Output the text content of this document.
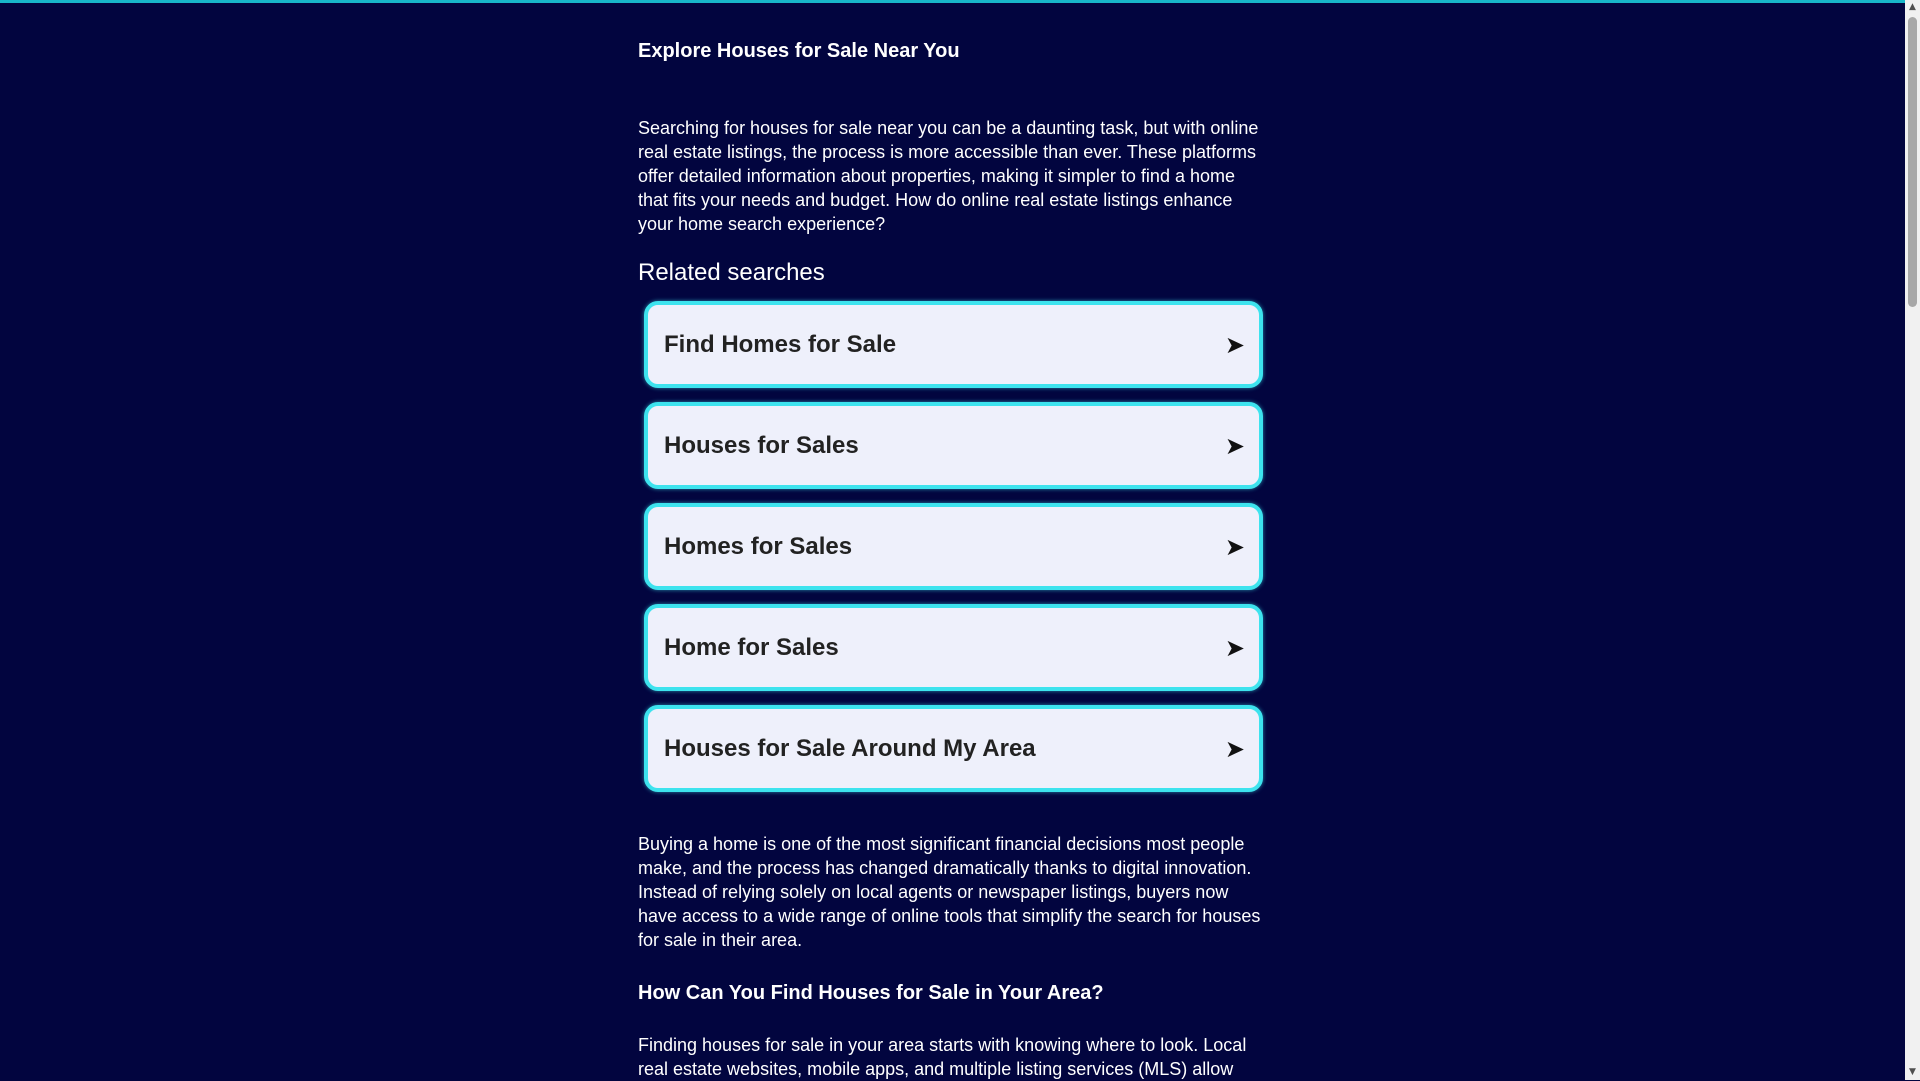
Explore Houses for Sale Near You

Searching for houses for sale near you can be a daunting task, but with online real estate listings, the process is more accessible than ever. These platforms offer detailed information about properties, making it simpler to find a home that fits your needs and budget. How do online real estate listings enhance your home search experience?

Related searches
Find Homes for Sale	➤
Houses for Sales	➤
Homes for Sales	➤
Home for Sales	➤
Houses for Sale Around My Area	➤

Buying a home is one of the most significant financial decisions most people make, and the process has changed dramatically thanks to digital innovation. Instead of relying solely on local agents or newspaper listings, buyers now have access to a wide range of online tools that simplify the search for houses for sale in their area.

How Can You Find Houses for Sale in Your Area?

Finding houses for sale in your area starts with knowing where to look. Local real estate websites, mobile apps, and multiple listing services (MLS) allow

▲
▼
